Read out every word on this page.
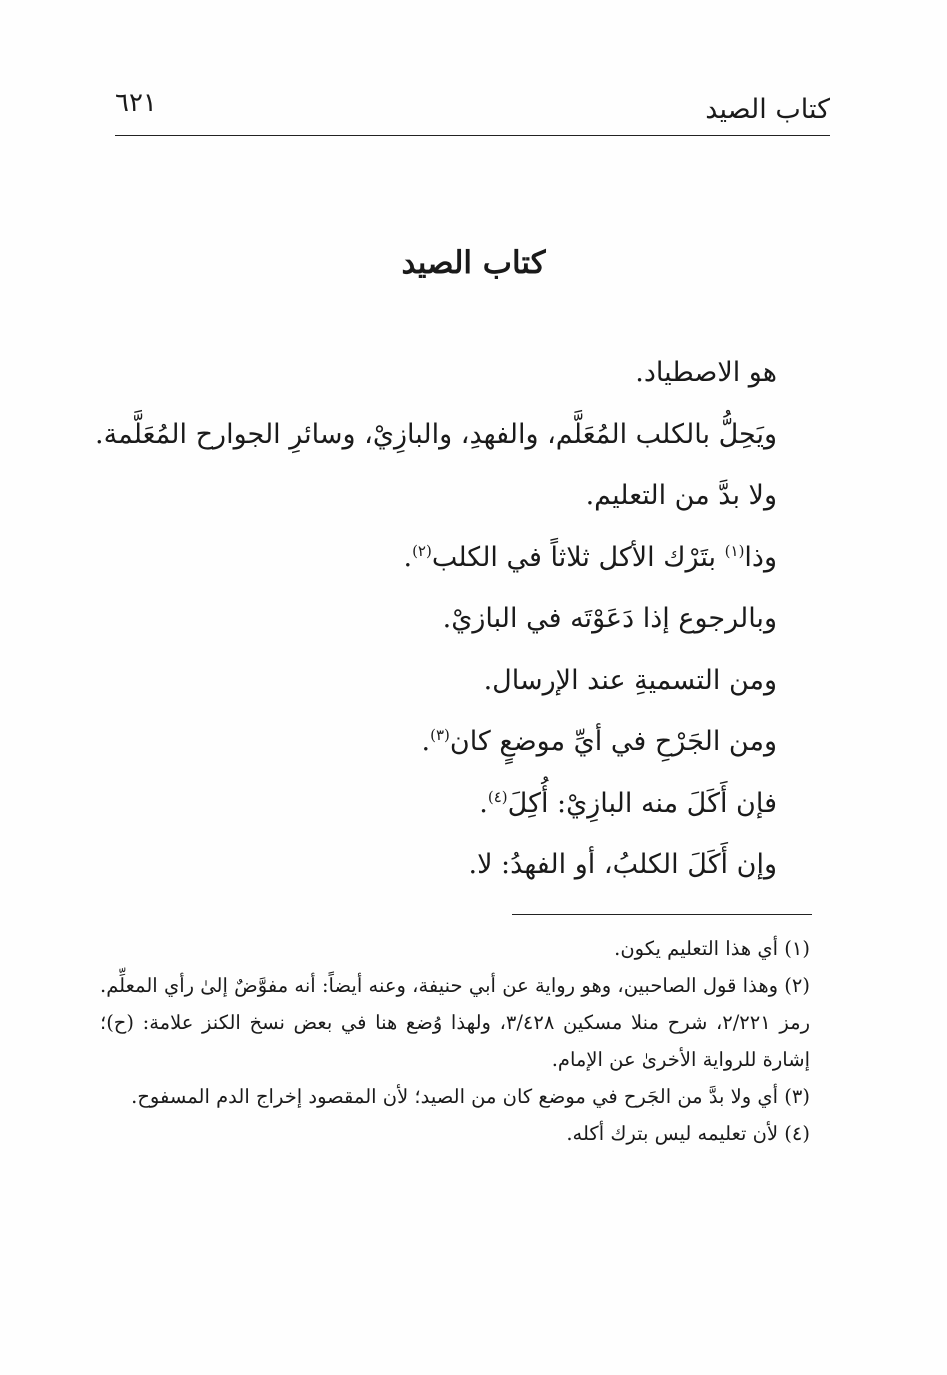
كتاب الصيد
٦٢١
كتاب الصيد
هو الاصطياد.
ويَحِلُّ بالكلب المُعَلَّم، والفهدِ، والبازِيْ، وسائرِ الجوارح المُعَلَّمة.
ولا بدَّ من التعليم.
وذا$^{(١)}$ بتَرْك الأكل ثلاثاً في الكلب$^{(٢)}$.
وبالرجوع إذا دَعَوْتَه في البازيْ.
ومن التسميةِ عند الإرسال.
ومن الجَرْحِ في أيِّ موضعٍ كان$^{(٣)}$.
فإن أَكَلَ منه البازِيْ: أُكِلَ$^{(٤)}$.
وإن أَكَلَ الكلبُ، أو الفهدُ: لا.

(١) أي هذا التعليم يكون.

(٢) وهذا قول الصاحبين، وهو رواية عن أبي حنيفة، وعنه أيضاً: أنه مفوَّضٌ إلىٰ رأي المعلِّم. رمز ٢/٢٢١، شرح منلا مسكين ٣/٤٢٨، ولهذا وُضع هنا في بعض نسخ الكنز علامة: (ح)؛ إشارة للرواية الأخرىٰ عن الإمام.

(٣) أي ولا بدَّ من الجَرح في موضع كان من الصيد؛ لأن المقصود إخراج الدم المسفوح.

(٤) لأن تعليمه ليس بترك أكله.
